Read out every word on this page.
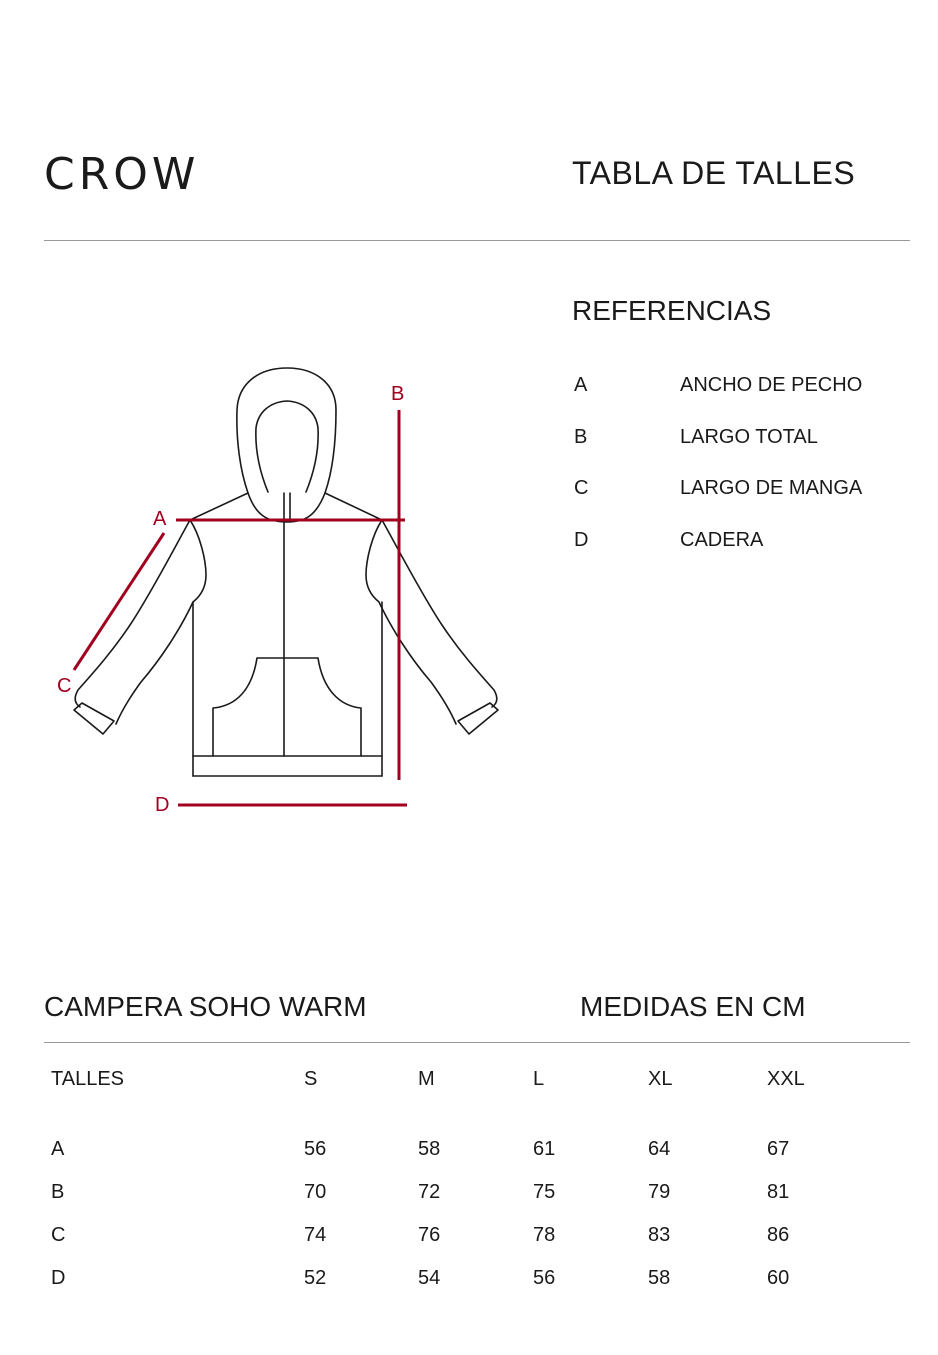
CROW	TABLA DE TALLES
REFERENCIAS
A	ANCHO DE PECHO
B	LARGO TOTAL
C	LARGO DE MANGA
D	CADERA
A
B
C
D
CAMPERA SOHO WARM	MEDIDAS EN CM
TALLES	S	M	L	XL	XXL
A	56	58	61	64	67
B	70	72	75	79	81
C	74	76	78	83	86
D	52	54	56	58	60
